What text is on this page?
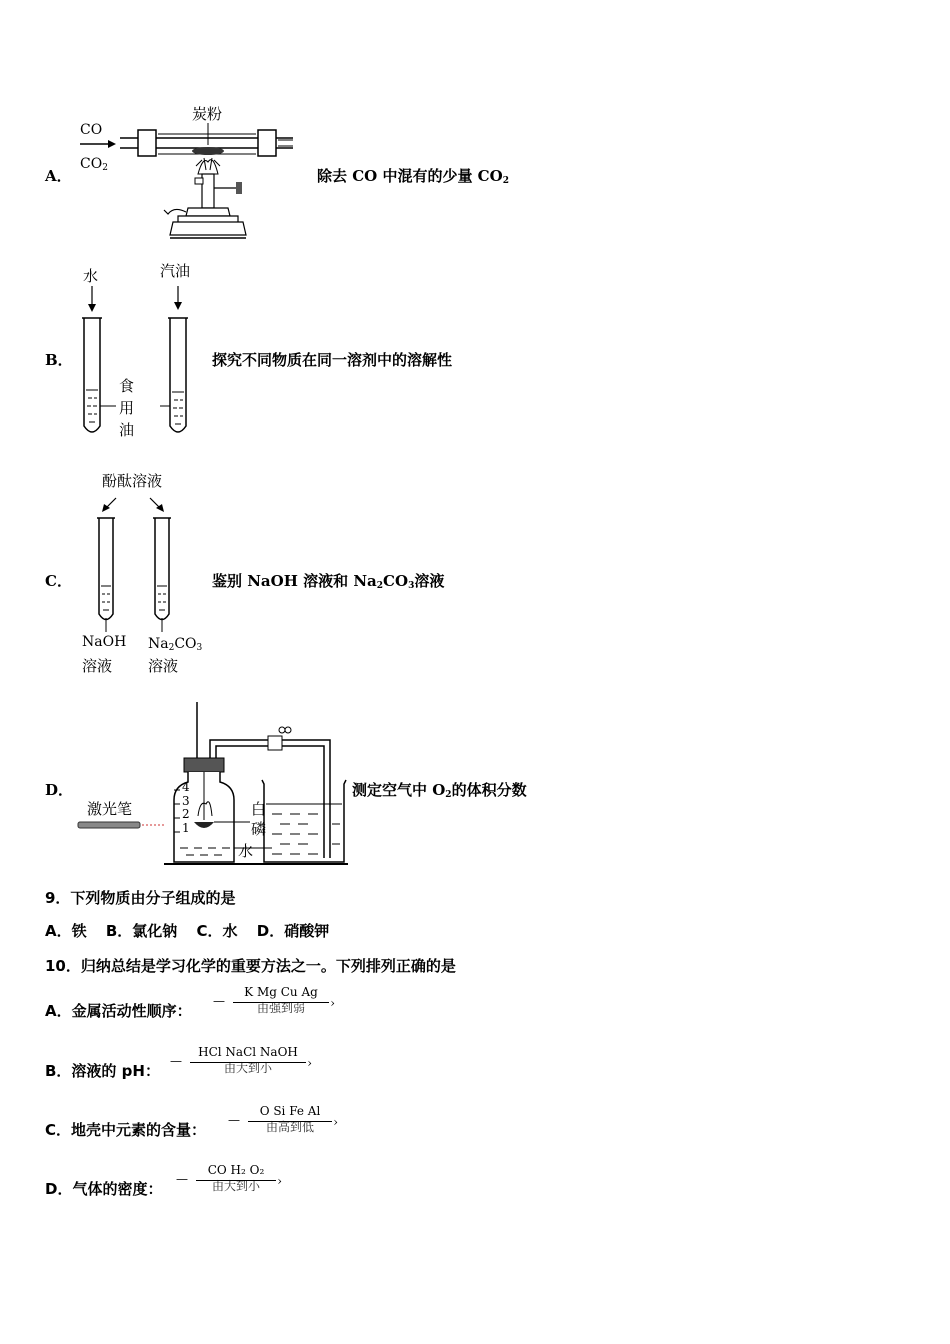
A．
CO
$CO_2$
炭粉
除去 CO 中混有的少量 $CO_2$
B．
水	汽油
食
用
油
探究不同物质在同一溶剂中的溶解性
C．
酚酞溶液
NaOH
溶液
$Na_2CO_3$
溶液
鉴别 NaOH 溶液和 $Na_2CO_3$溶液
D．
激光笔
4
3
2
1
白
磷
水
测定空气中 $O_2$的体积分数
9．下列物质由分子组成的是
A．铁 B．氯化钠 C．水 D．硝酸钾
10．归纳总结是学习化学的重要方法之一。下列排列正确的是
A．金属活动性顺序：
—
K Mg Cu Ag
›
由强到弱
B．溶液的 pH：
—
HCl NaCl NaOH
›
由大到小
C．地壳中元素的含量：
—
O Si Fe Al
›
由高到低
D．气体的密度：
—
CO H₂ O₂
›
由大到小
